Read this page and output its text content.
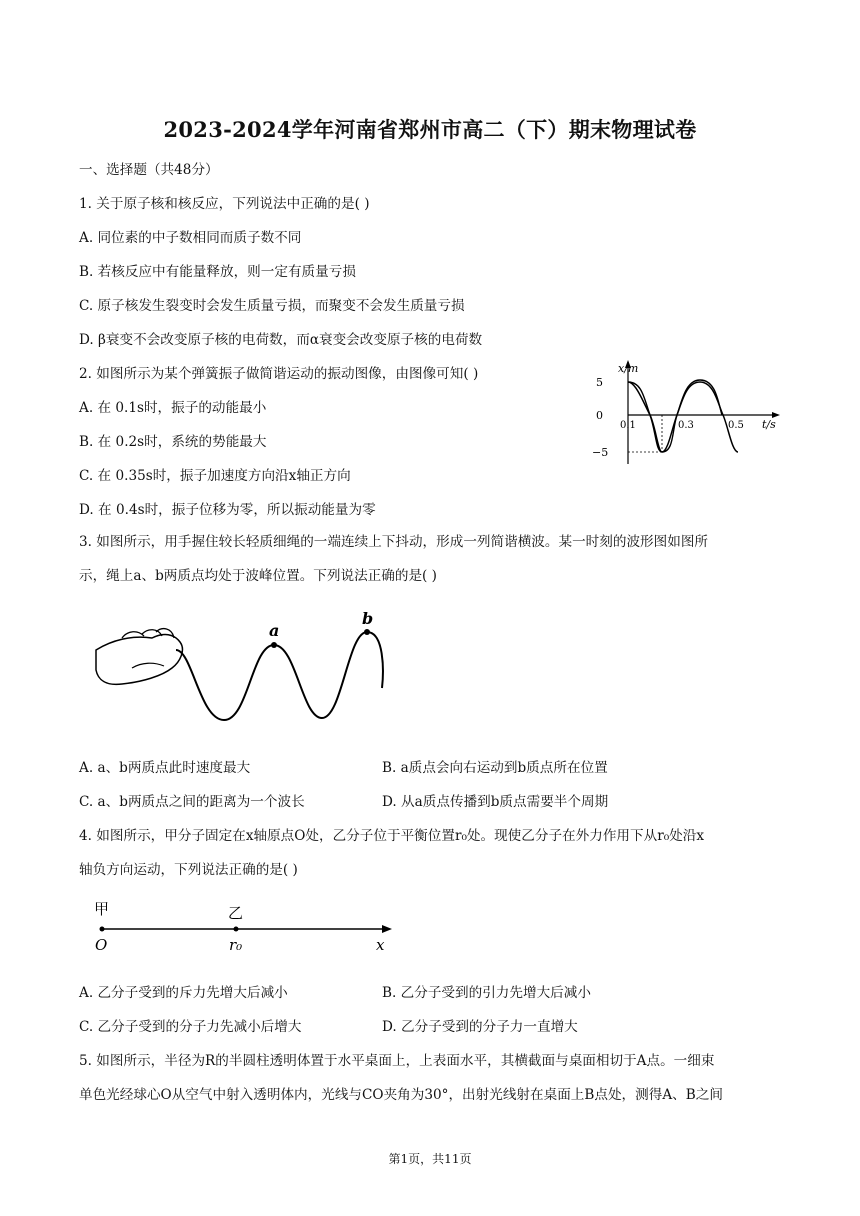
2023-2024学年河南省郑州市高二（下）期末物理试卷
一、选择题（共48分）
1. 关于原子核和核反应，下列说法中正确的是( )
A. 同位素的中子数相同而质子数不同
B. 若核反应中有能量释放，则一定有质量亏损
C. 原子核发生裂变时会发生质量亏损，而聚变不会发生质量亏损
D. β衰变不会改变原子核的电荷数，而α衰变会改变原子核的电荷数
2. 如图所示为某个弹簧振子做简谐运动的振动图像，由图像可知( )
A. 在 0.1s时，振子的动能最小
B. 在 0.2s时，系统的势能最大
C. 在 0.35s时，振子加速度方向沿x轴正方向
D. 在 0.4s时，振子位移为零，所以振动能量为零
x/m
t/s
5
0
−5
0.1	0.3	0.5
3. 如图所示，用手握住较长轻质细绳的一端连续上下抖动，形成一列简谐横波。某一时刻的波形图如图所
示，绳上a、b两质点均处于波峰位置。下列说法正确的是( )
a
b
A. a、b两质点此时速度最大	B. a质点会向右运动到b质点所在位置
C. a、b两质点之间的距离为一个波长	D. 从a质点传播到b质点需要半个周期
4. 如图所示，甲分子固定在x轴原点O处，乙分子位于平衡位置r₀处。现使乙分子在外力作用下从r₀处沿x
轴负方向运动，下列说法正确的是( )
甲	乙
O	r₀	x
A. 乙分子受到的斥力先增大后减小	B. 乙分子受到的引力先增大后减小
C. 乙分子受到的分子力先减小后增大	D. 乙分子受到的分子力一直增大
5. 如图所示，半径为R的半圆柱透明体置于水平桌面上，上表面水平，其横截面与桌面相切于A点。一细束
单色光经球心O从空气中射入透明体内，光线与CO夹角为30°，出射光线射在桌面上B点处，测得A、B之间
第1页，共11页
